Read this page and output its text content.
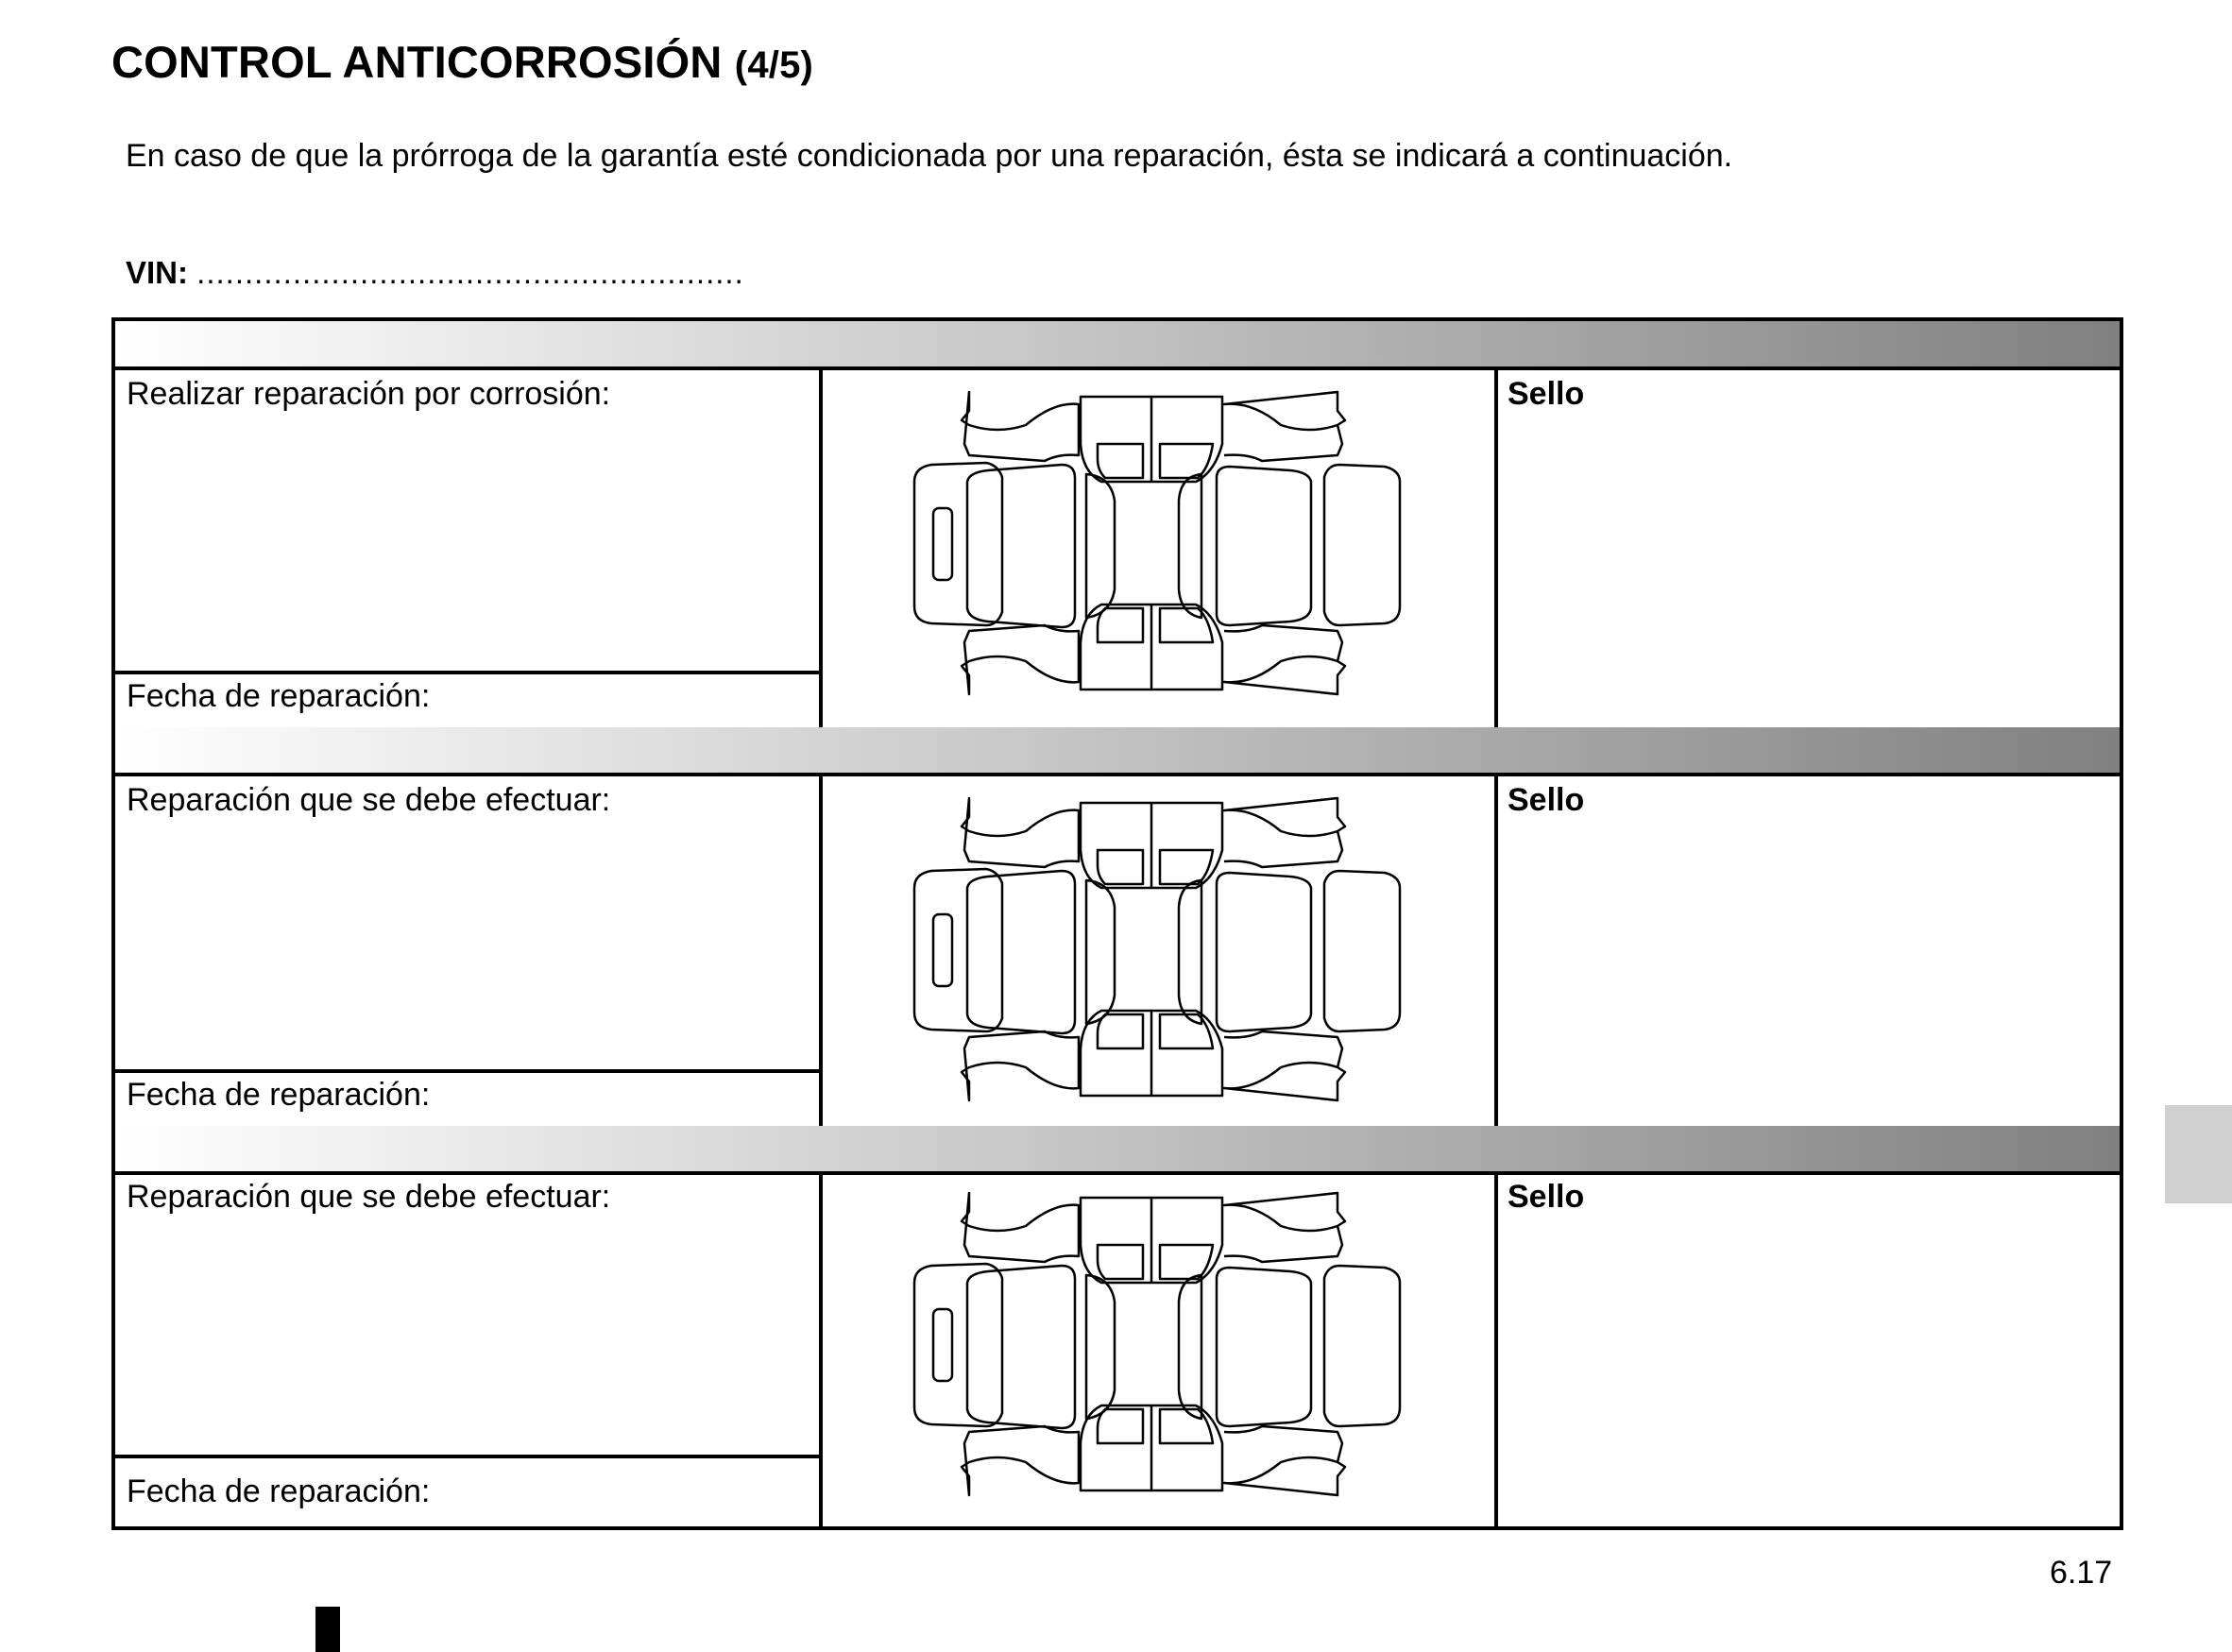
CONTROL ANTICORROSIÓN (4/5)

En caso de que la prórroga de la garantía esté condicionada por una reparación, ésta se indicará a continuación.

VIN: .........................................................
Realizar reparación por corrosión:
Fecha de reparación:
Sello
Reparación que se debe efectuar:
Fecha de reparación:
Sello
Reparación que se debe efectuar:
Fecha de reparación:
Sello
6.17
